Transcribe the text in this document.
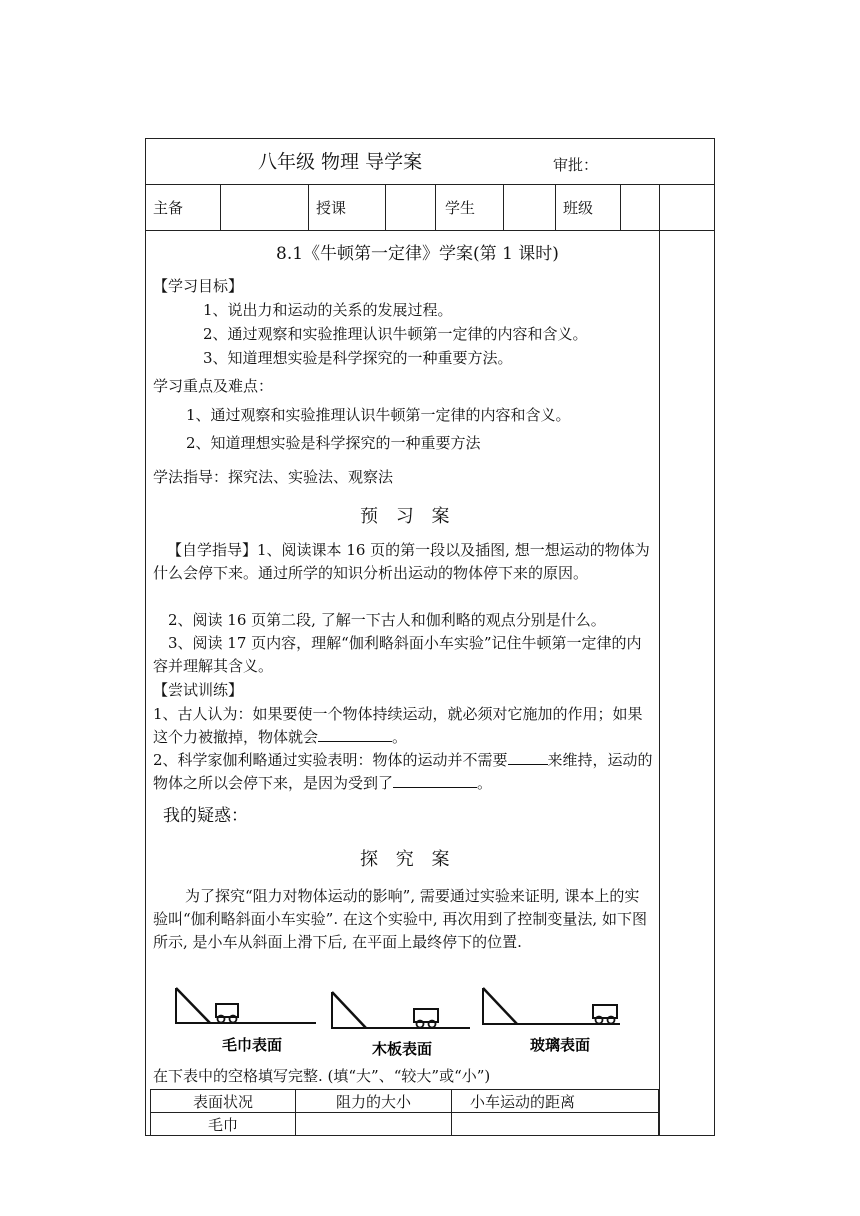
八年级 物理 导学案	审批：
主备	授课	学生	班级
8.1《牛顿第一定律》学案(第 1 课时)
【学习目标】
1、说出力和运动的关系的发展过程。
2、通过观察和实验推理认识牛顿第一定律的内容和含义。
3、知道理想实验是科学探究的一种重要方法。
学习重点及难点：
1、通过观察和实验推理认识牛顿第一定律的内容和含义。
2、知道理想实验是科学探究的一种重要方法
学法指导：探究法、实验法、观察法
预 习 案
【自学指导】1、阅读课本 16 页的第一段以及插图, 想一想运动的物体为什么会停下来。通过所学的知识分析出运动的物体停下来的原因。
2、阅读 16 页第二段, 了解一下古人和伽利略的观点分别是什么。
3、阅读 17 页内容，理解“伽利略斜面小车实验”记住牛顿第一定律的内容并理解其含义。
【尝试训练】
1、古人认为：如果要使一个物体持续运动，就必须对它施加的作用；如果这个力被撤掉，物体就会	。
2、科学家伽利略通过实验表明：物体的运动并不需要	来维持，运动的物体之所以会停下来，是因为受到了	。
我的疑惑：
探 究 案
为了探究“阻力对物体运动的影响”, 需要通过实验来证明, 课本上的实验叫“伽利略斜面小车实验”. 在这个实验中, 再次用到了控制变量法, 如下图所示, 是小车从斜面上滑下后, 在平面上最终停下的位置.
毛巾表面	木板表面	玻璃表面
在下表中的空格填写完整. (填“大”、“较大”或“小”)
表面状况	阻力的大小	小车运动的距离
毛巾		
